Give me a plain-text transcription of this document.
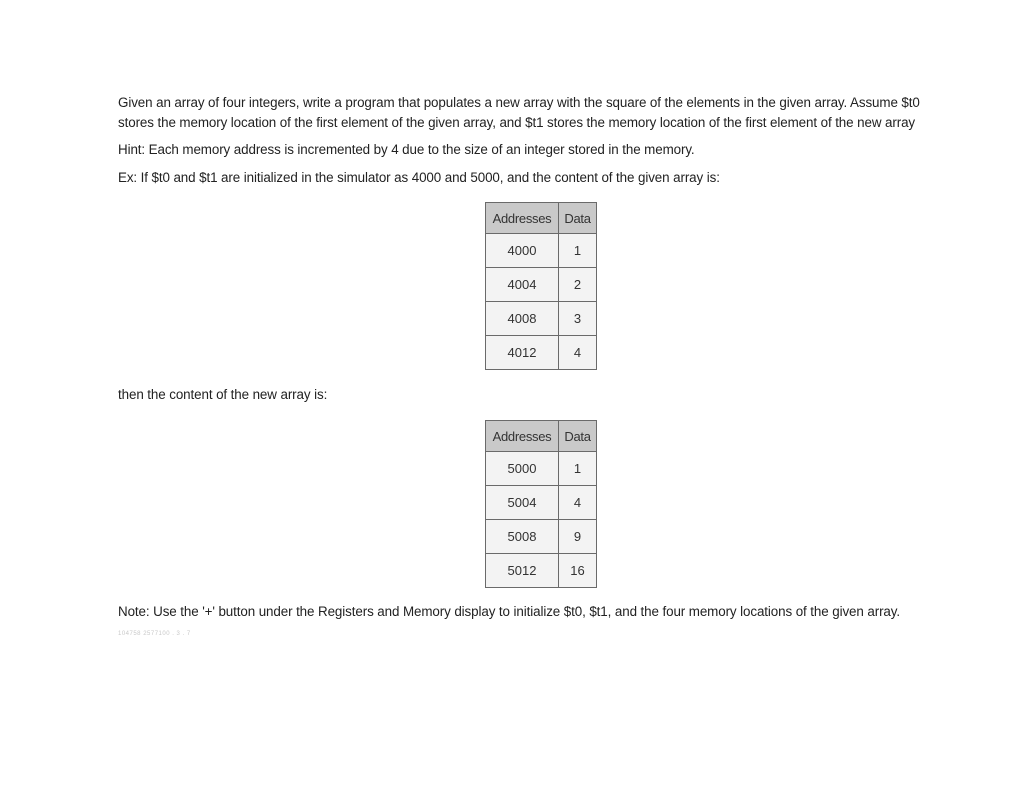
Given an array of four integers, write a program that populates a new array with the square of the elements in the given array. Assume $t0
stores the memory location of the first element of the given array, and $t1 stores the memory location of the first element of the new array

Hint: Each memory address is incremented by 4 due to the size of an integer stored in the memory.

Ex: If $t0 and $t1 are initialized in the simulator as 4000 and 5000, and the content of the given array is:

Addresses	Data
4000	1
4004	2
4008	3
4012	4

then the content of the new array is:

Addresses	Data
5000	1
5004	4
5008	9
5012	16

Note: Use the '+' button under the Registers and Memory display to initialize $t0, $t1, and the four memory locations of the given array.

104758 2577100 . 3 . 7
